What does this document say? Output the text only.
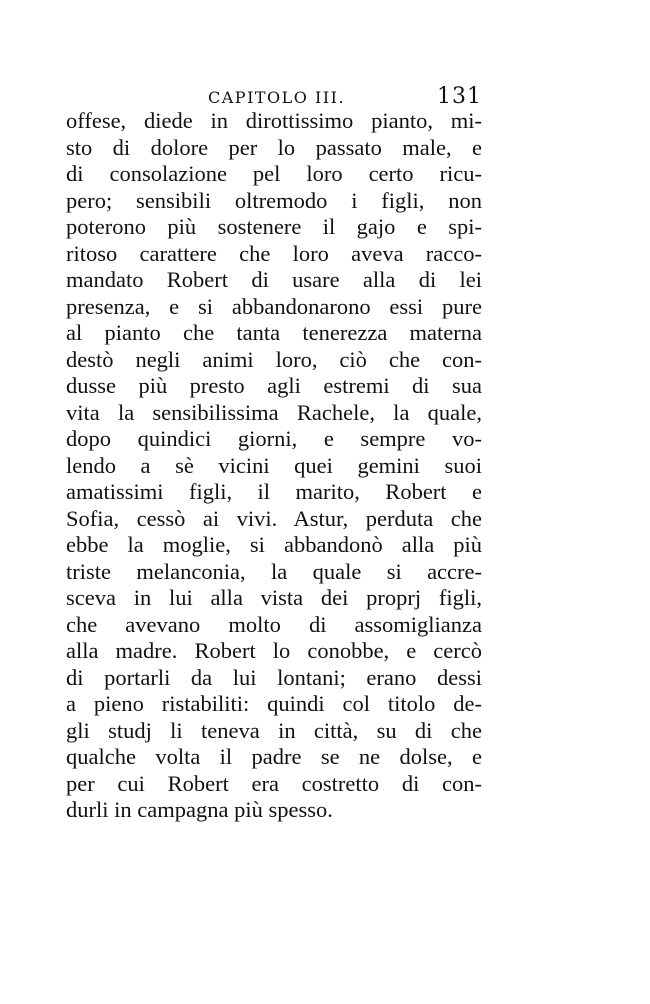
CAPITOLO III.	131
offese, diede in dirottissimo pianto, mi-
sto di dolore per lo passato male, e
di consolazione pel loro certo ricu-
pero; sensibili oltremodo i figli, non
poterono più sostenere il gajo e spi-
ritoso carattere che loro aveva racco-
mandato Robert di usare alla di lei
presenza, e si abbandonarono essi pure
al pianto che tanta tenerezza materna
destò negli animi loro, ciò che con-
dusse più presto agli estremi di sua
vita la sensibilissima Rachele, la quale,
dopo quindici giorni, e sempre vo-
lendo a sè vicini quei gemini suoi
amatissimi figli, il marito, Robert e
Sofia, cessò ai vivi. Astur, perduta che
ebbe la moglie, si abbandonò alla più
triste melanconia, la quale si accre-
sceva in lui alla vista dei proprj figli,
che avevano molto di assomiglianza
alla madre. Robert lo conobbe, e cercò
di portarli da lui lontani; erano dessi
a pieno ristabiliti: quindi col titolo de-
gli studj li teneva in città, su di che
qualche volta il padre se ne dolse, e
per cui Robert era costretto di con-
durli in campagna più spesso.
